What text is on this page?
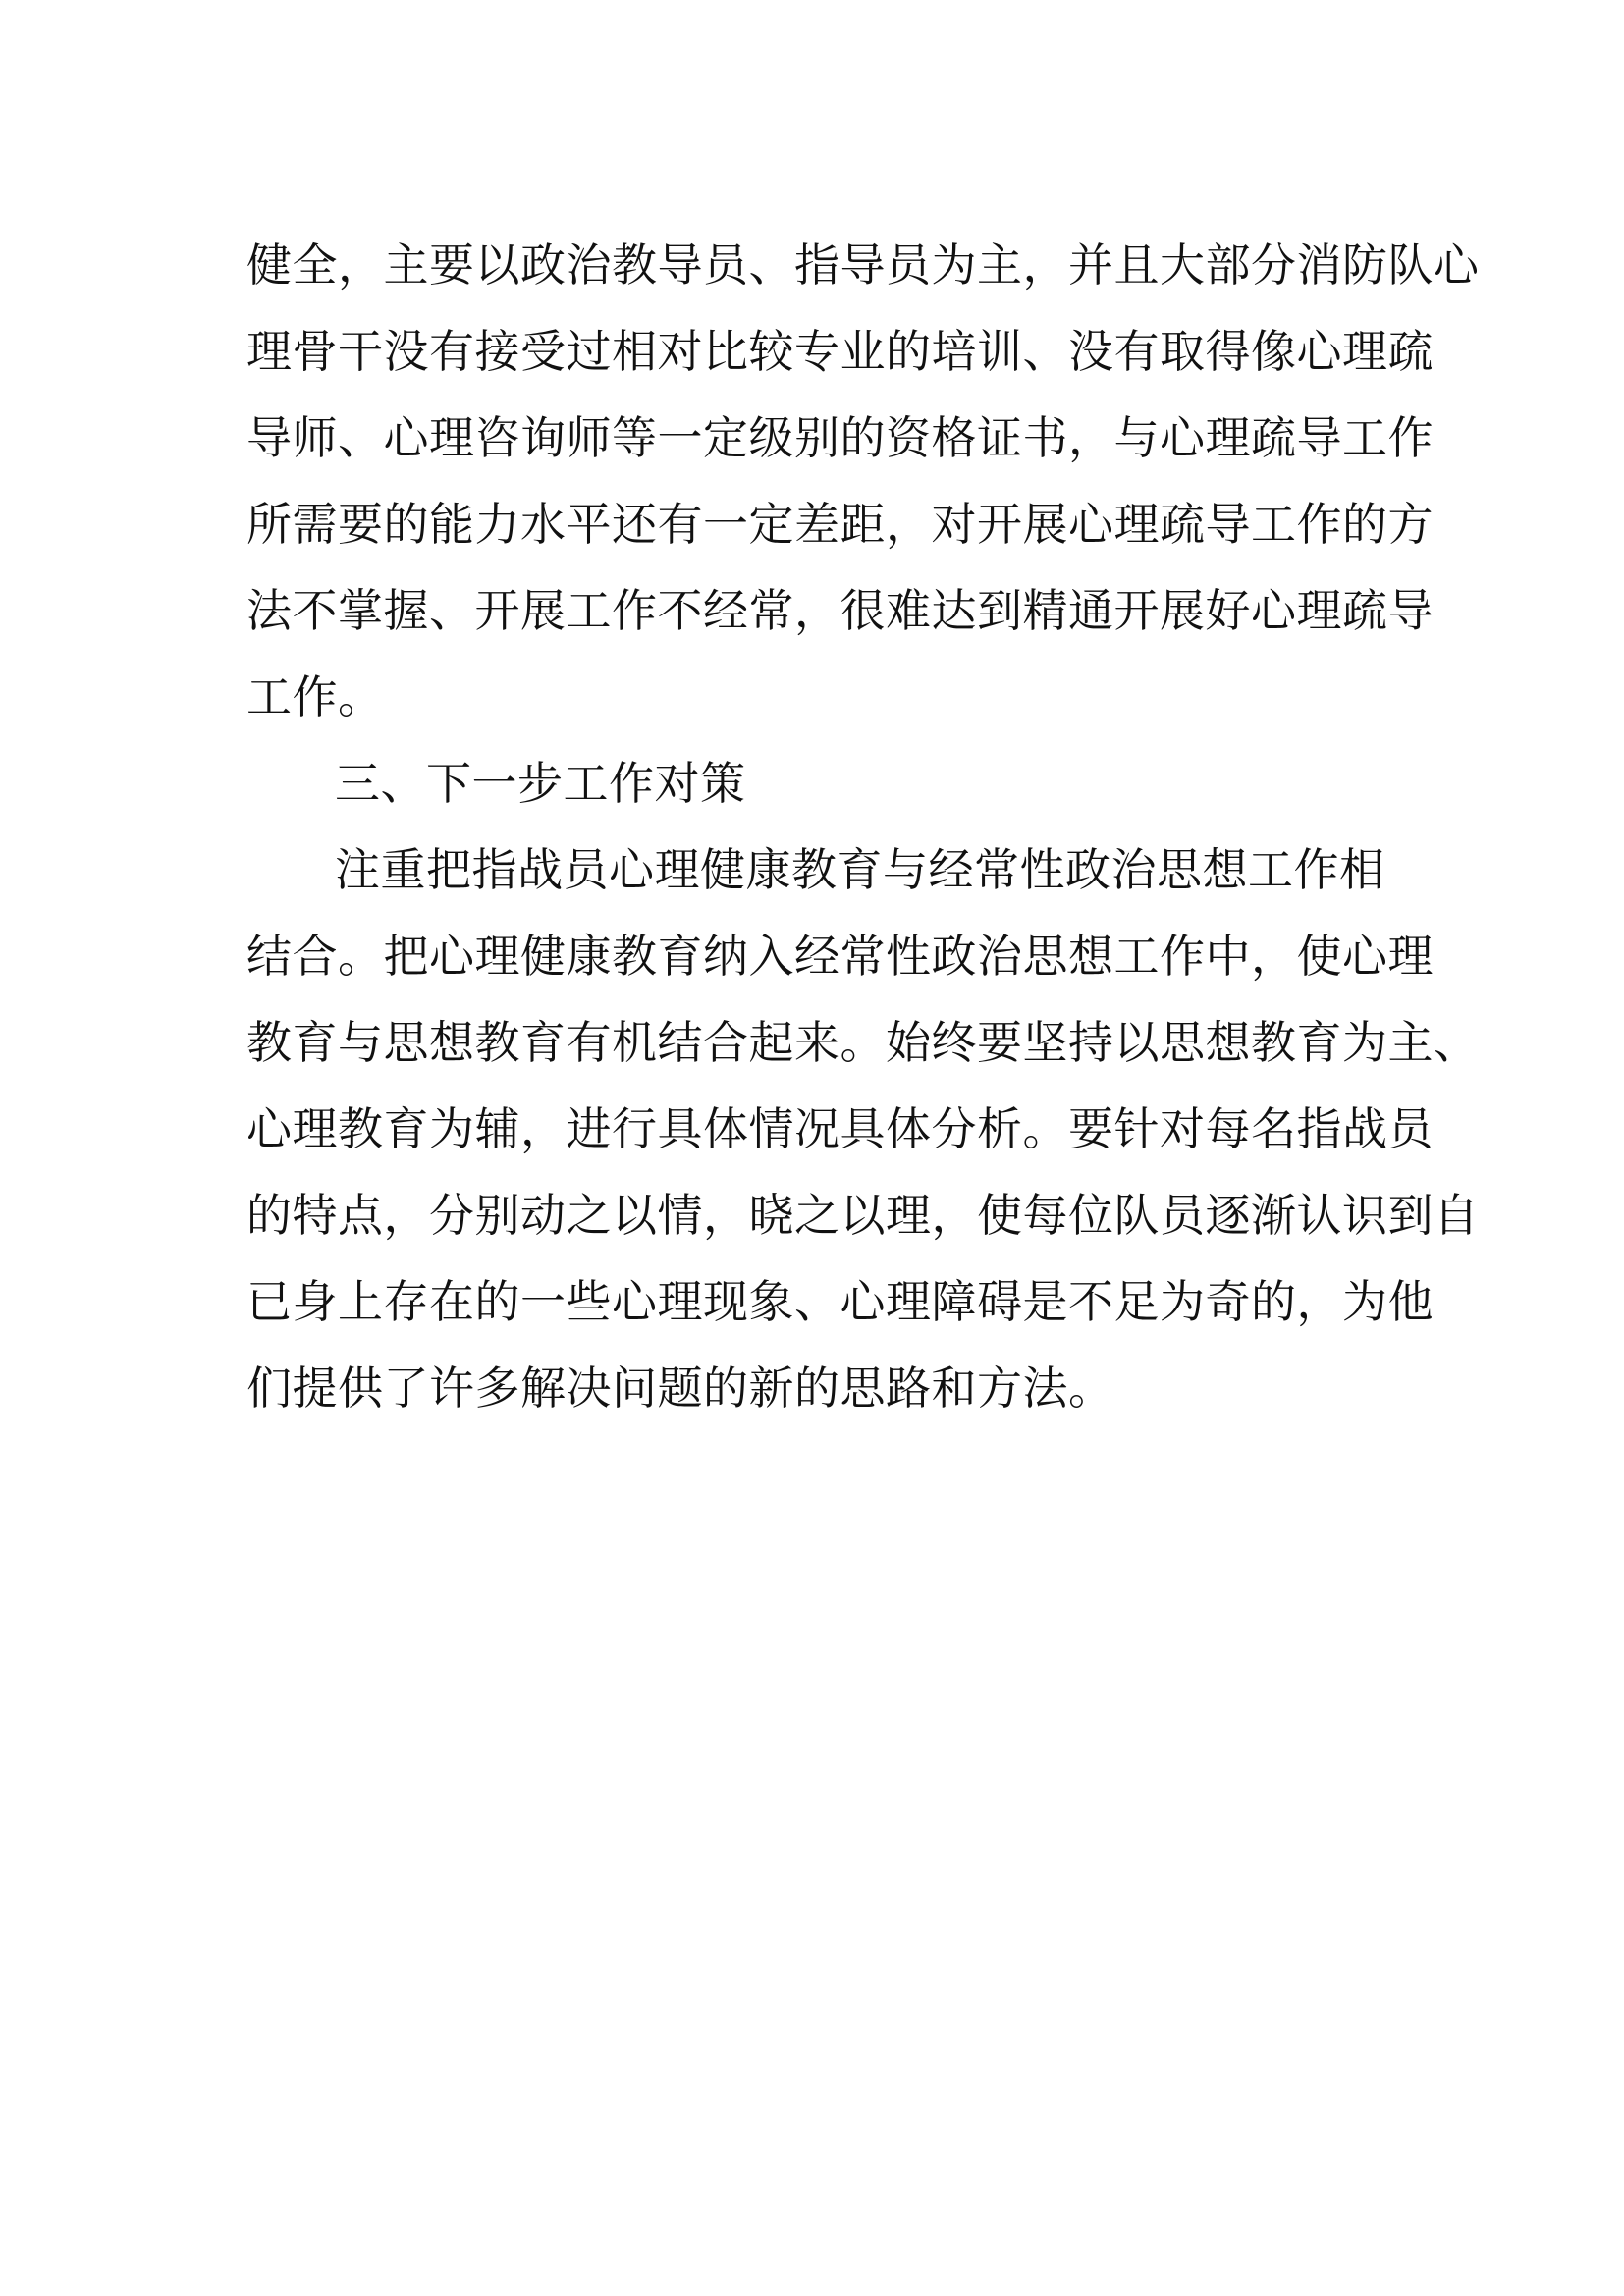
健全，主要以政治教导员、指导员为主，并且大部分消防队心
理骨干没有接受过相对比较专业的培训、没有取得像心理疏
导师、心理咨询师等一定级别的资格证书，与心理疏导工作
所需要的能力水平还有一定差距，对开展心理疏导工作的方
法不掌握、开展工作不经常，很难达到精通开展好心理疏导
工作。
三、下一步工作对策
注重把指战员心理健康教育与经常性政治思想工作相
结合。把心理健康教育纳入经常性政治思想工作中，使心理
教育与思想教育有机结合起来。始终要坚持以思想教育为主、
心理教育为辅，进行具体情况具体分析。要针对每名指战员
的特点，分别动之以情，晓之以理，使每位队员逐渐认识到自
已身上存在的一些心理现象、心理障碍是不足为奇的，为他
们提供了许多解决问题的新的思路和方法。
